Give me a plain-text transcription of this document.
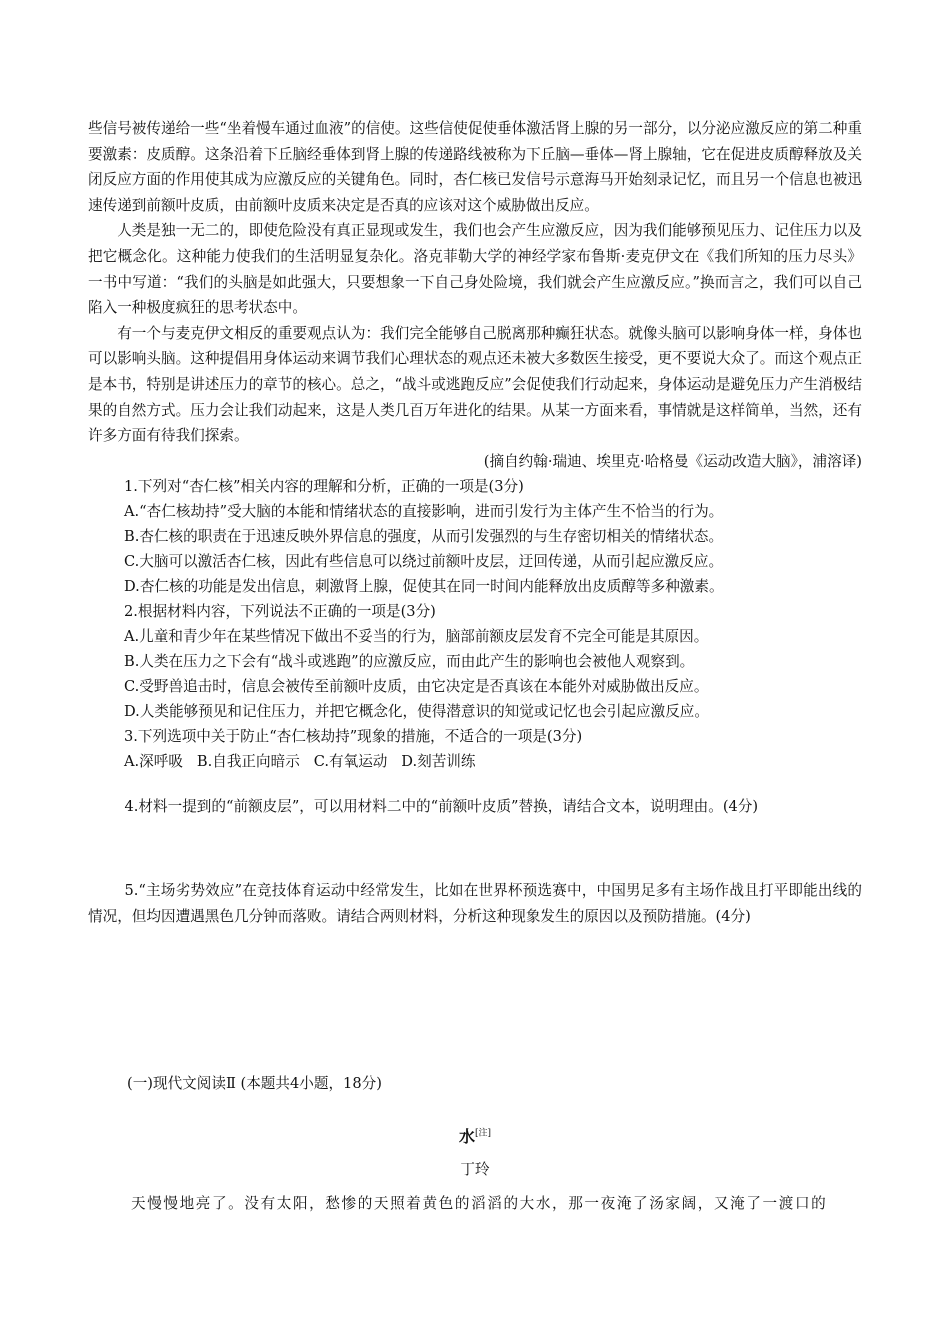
些信号被传递给一些“坐着慢车通过血液”的信使。这些信使促使垂体激活肾上腺的另一部分，以分泌应激反应的第二种重要激素：皮质醇。这条沿着下丘脑经垂体到肾上腺的传递路线被称为下丘脑—垂体—肾上腺轴，它在促进皮质醇释放及关闭反应方面的作用使其成为应激反应的关键角色。同时，杏仁核已发信号示意海马开始刻录记忆，而且另一个信息也被迅速传递到前额叶皮质，由前额叶皮质来决定是否真的应该对这个威胁做出反应。

人类是独一无二的，即使危险没有真正显现或发生，我们也会产生应激反应，因为我们能够预见压力、记住压力以及把它概念化。这种能力使我们的生活明显复杂化。洛克菲勒大学的神经学家布鲁斯·麦克伊文在《我们所知的压力尽头》一书中写道：“我们的头脑是如此强大，只要想象一下自己身处险境，我们就会产生应激反应。”换而言之，我们可以自己陷入一种极度疯狂的思考状态中。

有一个与麦克伊文相反的重要观点认为：我们完全能够自己脱离那种癫狂状态。就像头脑可以影响身体一样，身体也可以影响头脑。这种提倡用身体运动来调节我们心理状态的观点还未被大多数医生接受，更不要说大众了。而这个观点正是本书，特别是讲述压力的章节的核心。总之，“战斗或逃跑反应”会促使我们行动起来，身体运动是避免压力产生消极结果的自然方式。压力会让我们动起来，这是人类几百万年进化的结果。从某一方面来看，事情就是这样简单，当然，还有许多方面有待我们探索。

(摘自约翰·瑞迪、埃里克·哈格曼《运动改造大脑》，浦溶译)

1.下列对“杏仁核”相关内容的理解和分析，正确的一项是(3分)

A.“杏仁核劫持”受大脑的本能和情绪状态的直接影响，进而引发行为主体产生不恰当的行为。

B.杏仁核的职责在于迅速反映外界信息的强度，从而引发强烈的与生存密切相关的情绪状态。

C.大脑可以激活杏仁核，因此有些信息可以绕过前额叶皮层，迂回传递，从而引起应激反应。

D.杏仁核的功能是发出信息，刺激肾上腺，促使其在同一时间内能释放出皮质醇等多种激素。

2.根据材料内容，下列说法不正确的一项是(3分)

A.儿童和青少年在某些情况下做出不妥当的行为，脑部前额皮层发育不完全可能是其原因。

B.人类在压力之下会有“战斗或逃跑”的应激反应，而由此产生的影响也会被他人观察到。

C.受野兽追击时，信息会被传至前额叶皮质，由它决定是否真该在本能外对威胁做出反应。

D.人类能够预见和记住压力，并把它概念化，使得潜意识的知觉或记忆也会引起应激反应。

3.下列选项中关于防止“杏仁核劫持”现象的措施，不适合的一项是(3分)

A.深呼吸   B.自我正向暗示   C.有氧运动   D.刻苦训练

4.材料一提到的“前额皮层”，可以用材料二中的“前额叶皮质”替换，请结合文本，说明理由。(4分)

5.“主场劣势效应”在竞技体育运动中经常发生，比如在世界杯预选赛中，中国男足多有主场作战且打平即能出线的情况，但均因遭遇黑色几分钟而落败。请结合两则材料，分析这种现象发生的原因以及预防措施。(4分)

(一)现代文阅读Ⅱ (本题共4小题，18分)
水[注]
丁玲
天慢慢地亮了。没有太阳，愁惨的天照着黄色的滔滔的大水，那一夜淹了汤家阔，又淹了一渡口的
